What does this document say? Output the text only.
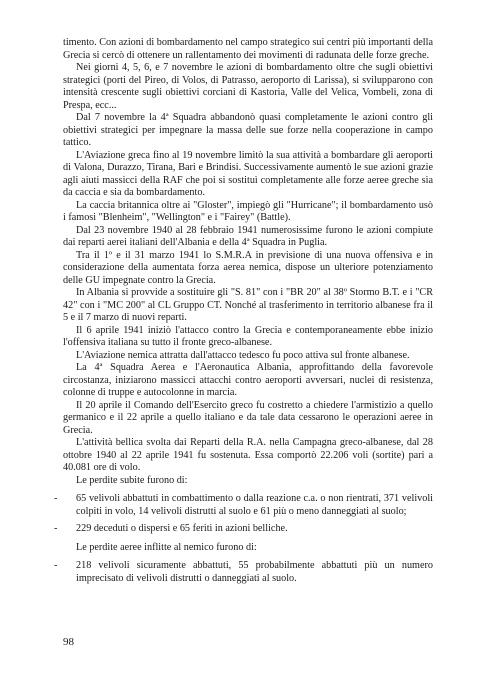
timento. Con azioni di bombardamento nel campo strategico sui centri più importanti della Grecia si cercò di ottenere un rallentamento dei movimenti di radunata delle forze greche.

Nei giorni 4, 5, 6, e 7 novembre le azioni di bombardamento oltre che sugli obiettivi strategici (porti del Pireo, di Volos, di Patrasso, aeroporto di Larissa), si svilupparono con intensità crescente sugli obiettivi corciani di Kastoria, Valle del Velica, Vombeli, zona di Prespa, ecc...

Dal 7 novembre la 4ª Squadra abbandonò quasi completamente le azioni contro gli obiettivi strategici per impegnare la massa delle sue forze nella cooperazione in campo tattico.

L'Aviazione greca fino al 19 novembre limitò la sua attività a bombardare gli aeroporti di Valona, Durazzo, Tirana, Bari e Brindisi. Successivamente aumentò le sue azioni grazie agli aiuti massicci della RAF che poi si sostituì completamente alle forze aeree greche sia da caccia e sia da bombardamento.

La caccia britannica oltre ai "Gloster", impiegò gli "Hurricane"; il bombardamento usò i famosi "Blenheim", "Wellington" e i "Fairey" (Battle).

Dal 23 novembre 1940 al 28 febbraio 1941 numerosissime furono le azioni compiute dai reparti aerei italiani dell'Albania e della 4ª Squadra in Puglia.

Tra il 1º e il 31 marzo 1941 lo S.M.R.A in previsione di una nuova offensiva e in considerazione della aumentata forza aerea nemica, dispose un ulteriore potenziamento delle GU impegnate contro la Grecia.

In Albania si provvide a sostituire gli "S. 81" con i "BR 20" al 38º Stormo B.T. e i "CR 42" con i "MC 200" al CL Gruppo CT. Nonché al trasferimento in territorio albanese fra il 5 e il 7 marzo di nuovi reparti.

Il 6 aprile 1941 iniziò l'attacco contro la Grecia e contemporaneamente ebbe inizio l'offensiva italiana su tutto il fronte greco-albanese.

L'Aviazione nemica attratta dall'attacco tedesco fu poco attiva sul fronte albanese.

La 4ª Squadra Aerea e l'Aeronautica Albania, approfittando della favorevole circostanza, iniziarono massicci attacchi contro aeroporti avversari, nuclei di resistenza, colonne di truppe e autocolonne in marcia.

Il 20 aprile il Comando dell'Esercito greco fu costretto a chiedere l'armistizio a quello germanico e il 22 aprile a quello italiano e da tale data cessarono le operazioni aeree in Grecia.

L'attività bellica svolta dai Reparti della R.A. nella Campagna greco-albanese, dal 28 ottobre 1940 al 22 aprile 1941 fu sostenuta. Essa comportò 22.206 voli (sortite) pari a 40.081 ore di volo.

Le perdite subite furono di:

- 65 velivoli abbattuti in combattimento o dalla reazione c.a. o non rientrati, 371 velivoli colpiti in volo, 14 velivoli distrutti al suolo e 61 più o meno danneggiati al suolo;
- 229 deceduti o dispersi e 65 feriti in azioni belliche.

Le perdite aeree inflitte al nemico furono di:

- 218 velivoli sicuramente abbattuti, 55 probabilmente abbattuti più un numero imprecisato di velivoli distrutti o danneggiati al suolo.
98
